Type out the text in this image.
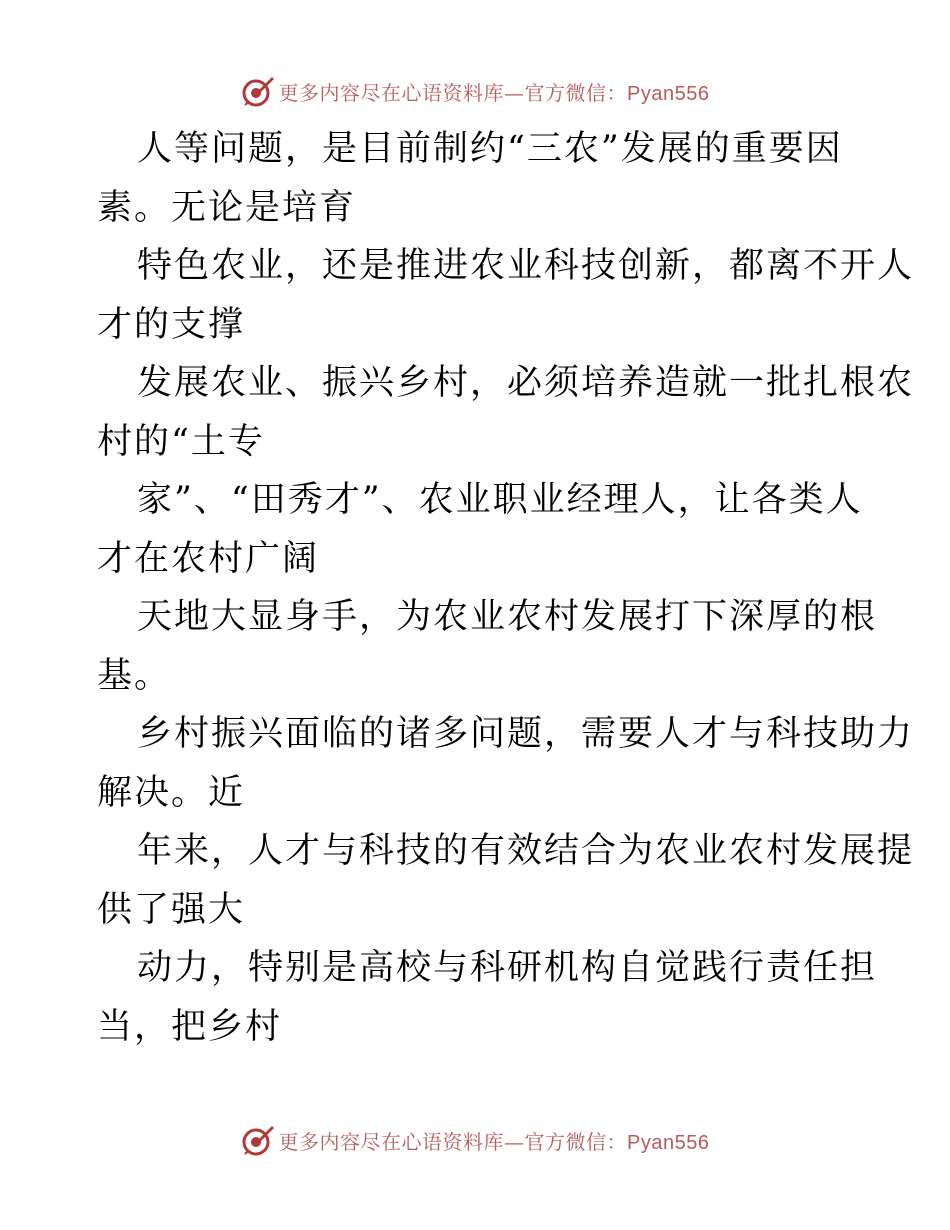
更多内容尽在心语资料库—官方微信：Pyan556
人等问题，是目前制约“三农”发展的重要因
素。无论是培育
特色农业，还是推进农业科技创新，都离不开人
才的支撑
发展农业、振兴乡村，必须培养造就一批扎根农
村的“土专
家”、“田秀才”、农业职业经理人，让各类人
才在农村广阔
天地大显身手，为农业农村发展打下深厚的根
基。
乡村振兴面临的诸多问题，需要人才与科技助力
解决。近
年来，人才与科技的有效结合为农业农村发展提
供了强大
动力，特别是高校与科研机构自觉践行责任担
当，把乡村
更多内容尽在心语资料库—官方微信：Pyan556
